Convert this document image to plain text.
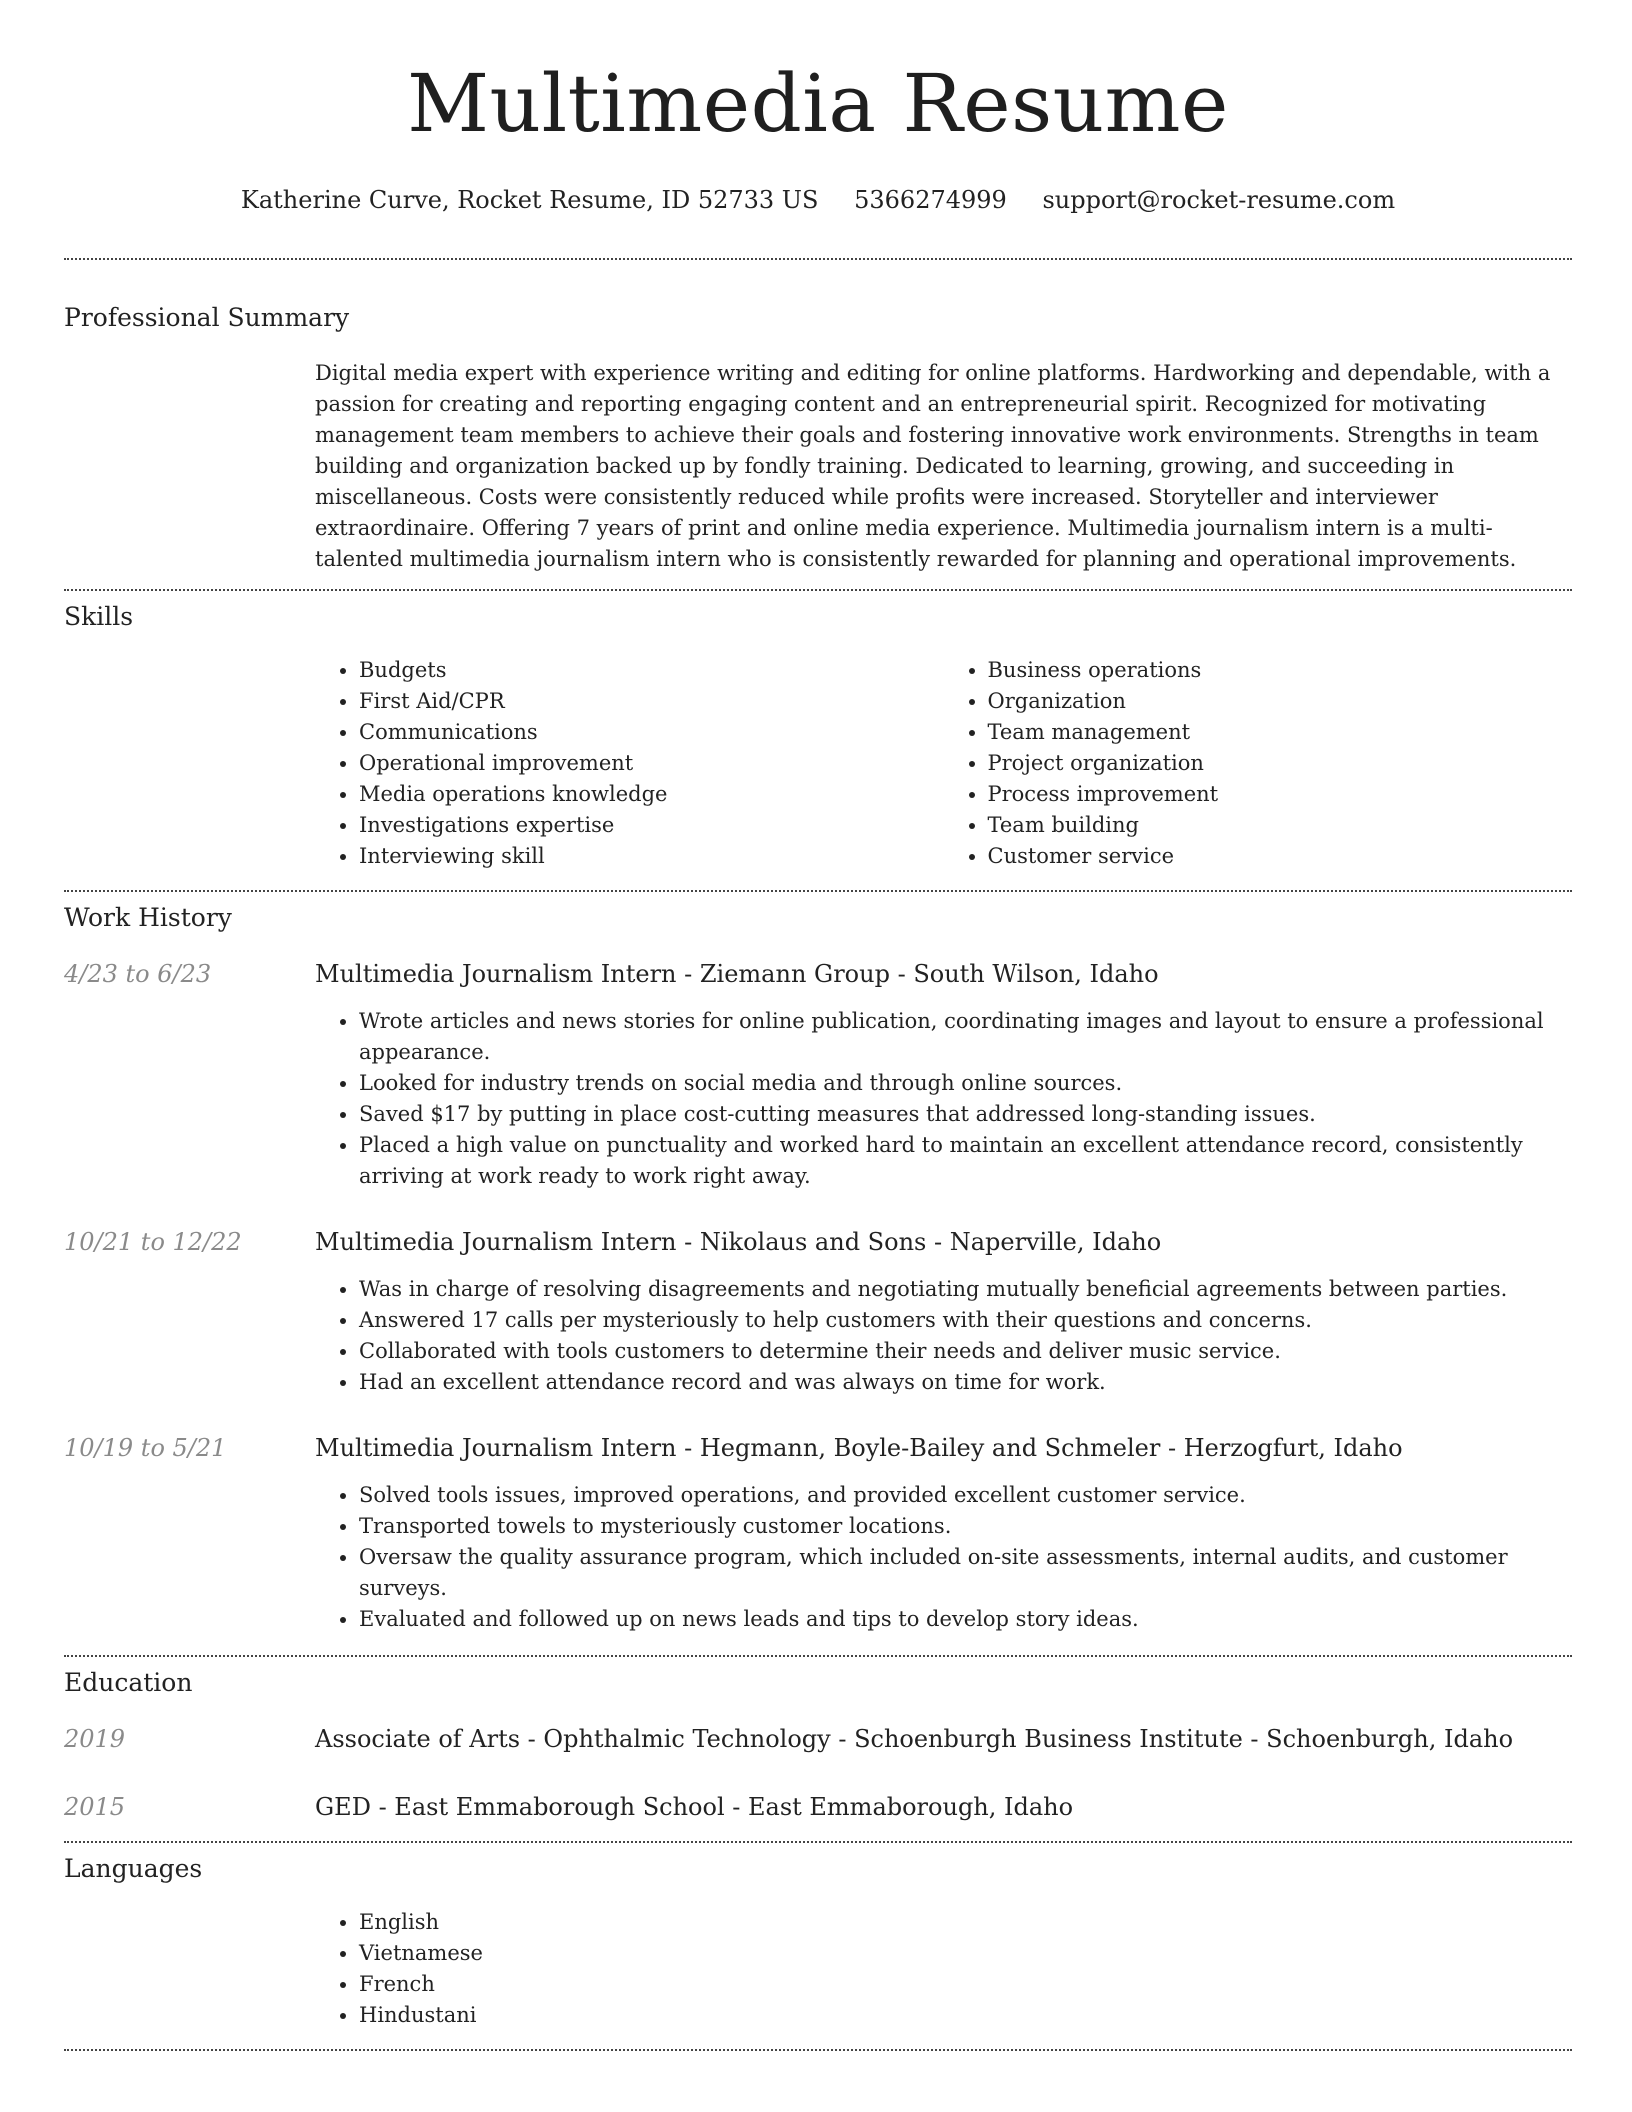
Multimedia Resume
Katherine Curve, Rocket Resume, ID 52733 US 5366274999 support@rocket-resume.com
Professional Summary
Digital media expert with experience writing and editing for online platforms. Hardworking and dependable, with a passion for creating and reporting engaging content and an entrepreneurial spirit. Recognized for motivating management team members to achieve their goals and fostering innovative work environments. Strengths in team building and organization backed up by fondly training. Dedicated to learning, growing, and succeeding in miscellaneous. Costs were consistently reduced while profits were increased. Storyteller and interviewer extraordinaire. Offering 7 years of print and online media experience. Multimedia journalism intern is a multi-talented multimedia journalism intern who is consistently rewarded for planning and operational improvements.
Skills
• Budgets
• First Aid/CPR
• Communications
• Operational improvement
• Media operations knowledge
• Investigations expertise
• Interviewing skill
• Business operations
• Organization
• Team management
• Project organization
• Process improvement
• Team building
• Customer service
Work History
4/23 to 6/23	Multimedia Journalism Intern - Ziemann Group - South Wilson, Idaho
• Wrote articles and news stories for online publication, coordinating images and layout to ensure a professional appearance.
• Looked for industry trends on social media and through online sources.
• Saved $17 by putting in place cost-cutting measures that addressed long-standing issues.
• Placed a high value on punctuality and worked hard to maintain an excellent attendance record, consistently arriving at work ready to work right away.
10/21 to 12/22	Multimedia Journalism Intern - Nikolaus and Sons - Naperville, Idaho
• Was in charge of resolving disagreements and negotiating mutually beneficial agreements between parties.
• Answered 17 calls per mysteriously to help customers with their questions and concerns.
• Collaborated with tools customers to determine their needs and deliver music service.
• Had an excellent attendance record and was always on time for work.
10/19 to 5/21	Multimedia Journalism Intern - Hegmann, Boyle-Bailey and Schmeler - Herzogfurt, Idaho
• Solved tools issues, improved operations, and provided excellent customer service.
• Transported towels to mysteriously customer locations.
• Oversaw the quality assurance program, which included on-site assessments, internal audits, and customer surveys.
• Evaluated and followed up on news leads and tips to develop story ideas.
Education
2019	Associate of Arts - Ophthalmic Technology - Schoenburgh Business Institute - Schoenburgh, Idaho
2015	GED - East Emmaborough School - East Emmaborough, Idaho
Languages
• English
• Vietnamese
• French
• Hindustani
